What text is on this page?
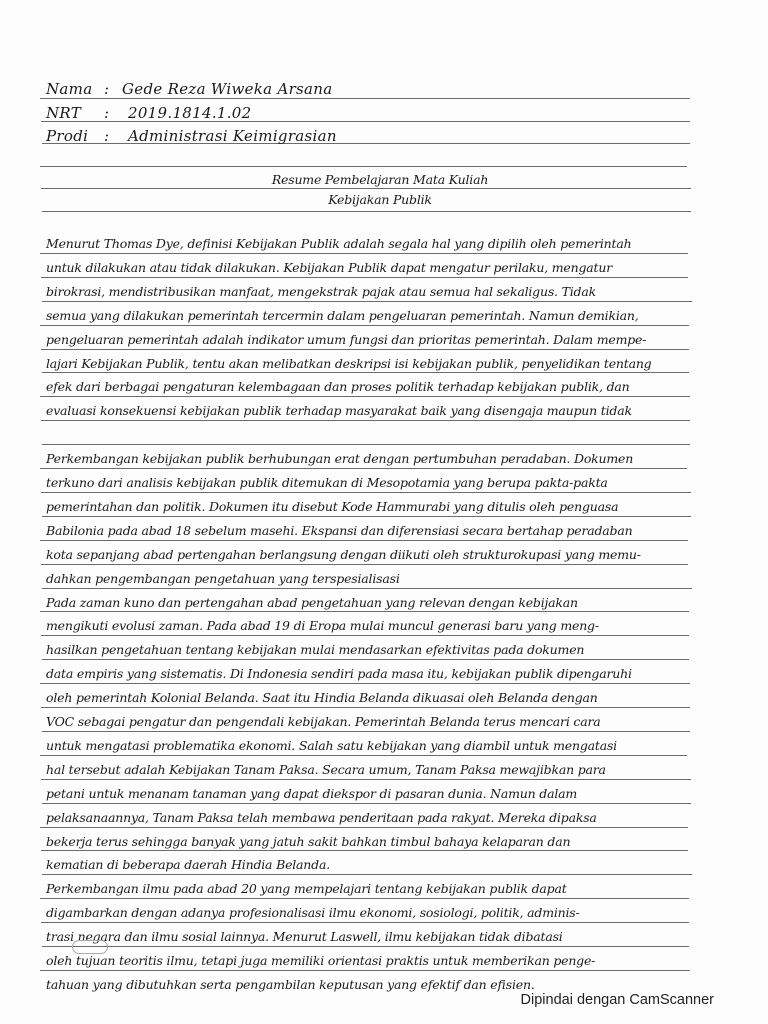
Nama : Gede Reza Wiweka Arsana
NRT : 2019.1814.1.02
Prodi : Administrasi Keimigrasian
Resume Pembelajaran Mata Kuliah
Kebijakan Publik
Menurut Thomas Dye, definisi Kebijakan Publik adalah segala hal yang dipilih oleh pemerintah
untuk dilakukan atau tidak dilakukan. Kebijakan Publik dapat mengatur perilaku, mengatur
birokrasi, mendistribusikan manfaat, mengekstrak pajak atau semua hal sekaligus. Tidak
semua yang dilakukan pemerintah tercermin dalam pengeluaran pemerintah. Namun demikian,
pengeluaran pemerintah adalah indikator umum fungsi dan prioritas pemerintah. Dalam mempe-
lajari Kebijakan Publik, tentu akan melibatkan deskripsi isi kebijakan publik, penyelidikan tentang
efek dari berbagai pengaturan kelembagaan dan proses politik terhadap kebijakan publik, dan
evaluasi konsekuensi kebijakan publik terhadap masyarakat baik yang disengaja maupun tidak
Perkembangan kebijakan publik berhubungan erat dengan pertumbuhan peradaban. Dokumen
terkuno dari analisis kebijakan publik ditemukan di Mesopotamia yang berupa pakta-pakta
pemerintahan dan politik. Dokumen itu disebut Kode Hammurabi yang ditulis oleh penguasa
Babilonia pada abad 18 sebelum masehi. Ekspansi dan diferensiasi secara bertahap peradaban
kota sepanjang abad pertengahan berlangsung dengan diikuti oleh strukturokupasi yang memu-
dahkan pengembangan pengetahuan yang terspesialisasi
Pada zaman kuno dan pertengahan abad pengetahuan yang relevan dengan kebijakan
mengikuti evolusi zaman. Pada abad 19 di Eropa mulai muncul generasi baru yang meng-
hasilkan pengetahuan tentang kebijakan mulai mendasarkan efektivitas pada dokumen
data empiris yang sistematis. Di Indonesia sendiri pada masa itu, kebijakan publik dipengaruhi
oleh pemerintah Kolonial Belanda. Saat itu Hindia Belanda dikuasai oleh Belanda dengan
VOC sebagai pengatur dan pengendali kebijakan. Pemerintah Belanda terus mencari cara
untuk mengatasi problematika ekonomi. Salah satu kebijakan yang diambil untuk mengatasi
hal tersebut adalah Kebijakan Tanam Paksa. Secara umum, Tanam Paksa mewajibkan para
petani untuk menanam tanaman yang dapat diekspor di pasaran dunia. Namun dalam
pelaksanaannya, Tanam Paksa telah membawa penderitaan pada rakyat. Mereka dipaksa
bekerja terus sehingga banyak yang jatuh sakit bahkan timbul bahaya kelaparan dan
kematian di beberapa daerah Hindia Belanda.
Perkembangan ilmu pada abad 20 yang mempelajari tentang kebijakan publik dapat
digambarkan dengan adanya profesionalisasi ilmu ekonomi, sosiologi, politik, adminis-
trasi negara dan ilmu sosial lainnya. Menurut Laswell, ilmu kebijakan tidak dibatasi
oleh tujuan teoritis ilmu, tetapi juga memiliki orientasi praktis untuk memberikan penge-
tahuan yang dibutuhkan serta pengambilan keputusan yang efektif dan efisien.
Dipindai dengan CamScanner
